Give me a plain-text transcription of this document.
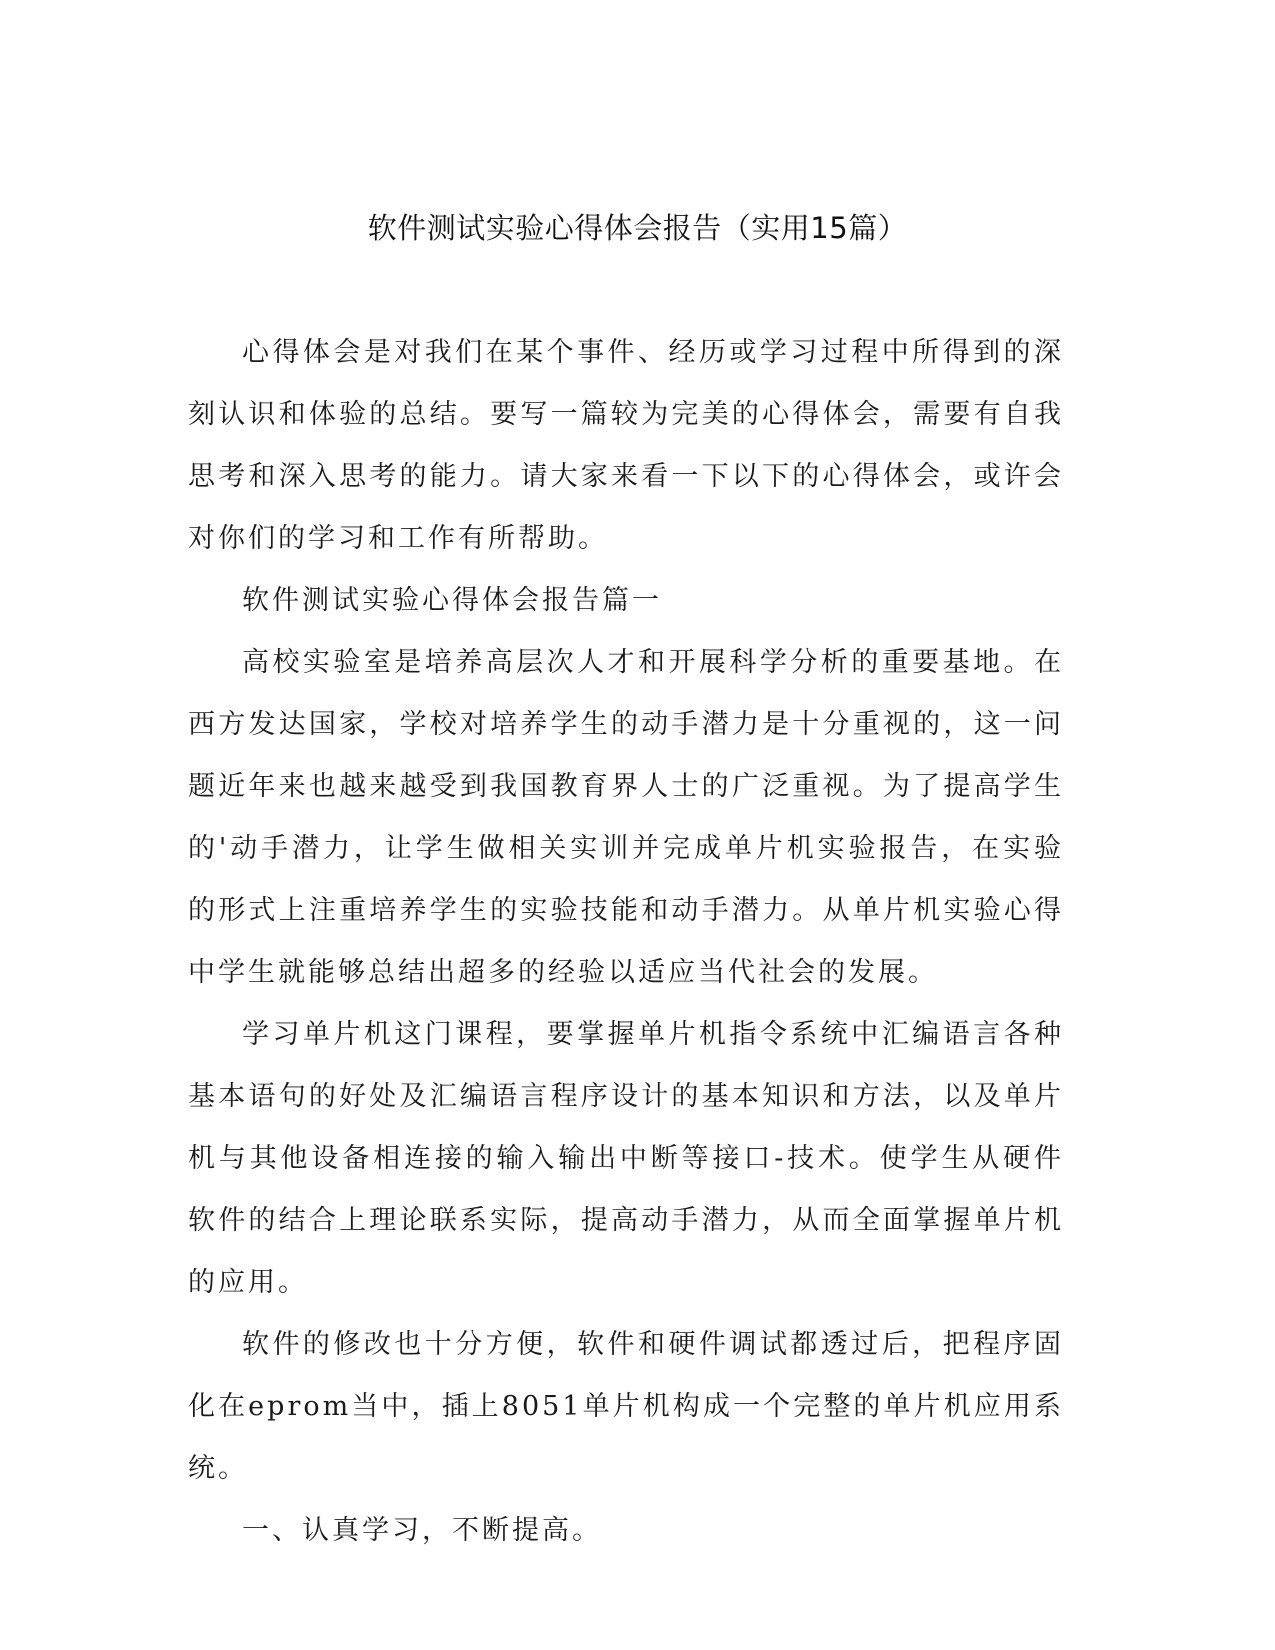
软件测试实验心得体会报告（实用15篇）

心得体会是对我们在某个事件、经历或学习过程中所得到的深刻认识和体验的总结。要写一篇较为完美的心得体会，需要有自我思考和深入思考的能力。请大家来看一下以下的心得体会，或许会对你们的学习和工作有所帮助。

软件测试实验心得体会报告篇一

高校实验室是培养高层次人才和开展科学分析的重要基地。在西方发达国家，学校对培养学生的动手潜力是十分重视的，这一问题近年来也越来越受到我国教育界人士的广泛重视。为了提高学生的'动手潜力，让学生做相关实训并完成单片机实验报告，在实验的形式上注重培养学生的实验技能和动手潜力。从单片机实验心得中学生就能够总结出超多的经验以适应当代社会的发展。

学习单片机这门课程，要掌握单片机指令系统中汇编语言各种基本语句的好处及汇编语言程序设计的基本知识和方法，以及单片机与其他设备相连接的输入输出中断等接口-技术。使学生从硬件软件的结合上理论联系实际，提高动手潜力，从而全面掌握单片机的应用。

软件的修改也十分方便，软件和硬件调试都透过后，把程序固化在eprom当中，插上8051单片机构成一个完整的单片机应用系统。

一、认真学习，不断提高。
